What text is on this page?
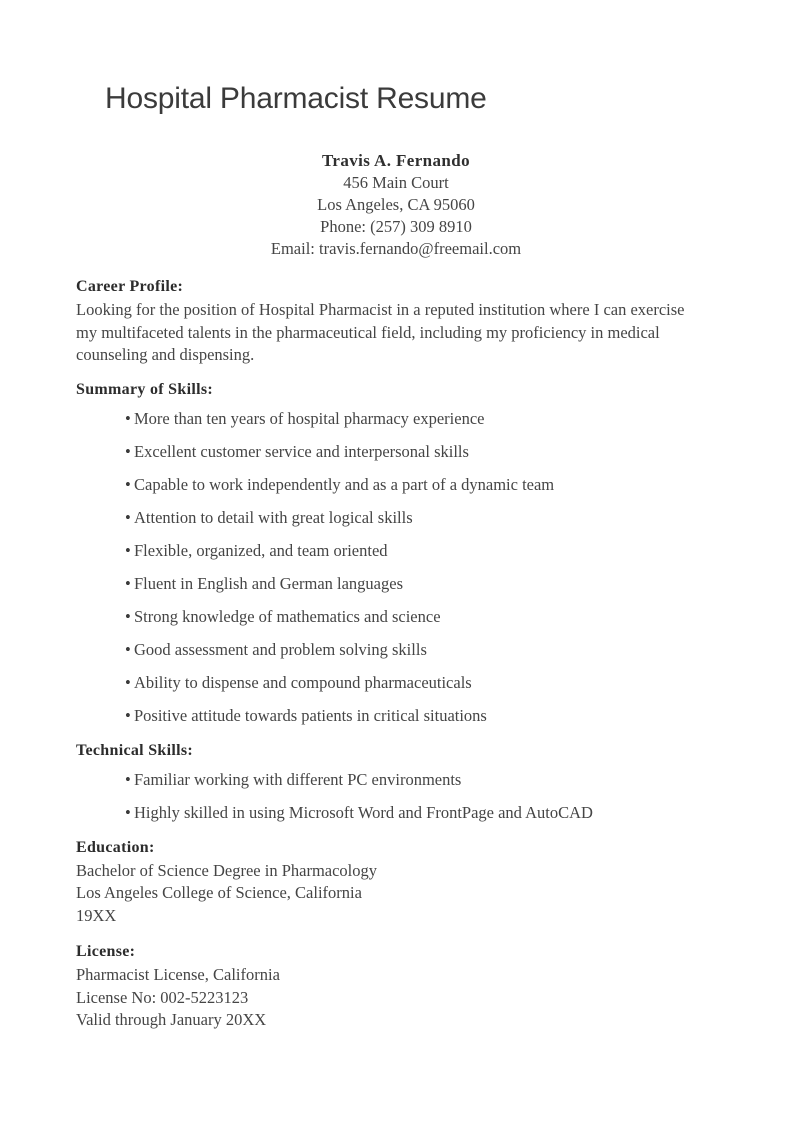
Hospital Pharmacist Resume
Travis A. Fernando
456 Main Court
Los Angeles, CA 95060
Phone: (257) 309 8910
Email: travis.fernando@freemail.com
Career Profile:

Looking for the position of Hospital Pharmacist in a reputed institution where I can exercise my multifaceted talents in the pharmaceutical field, including my proficiency in medical counseling and dispensing.

Summary of Skills:
• More than ten years of hospital pharmacy experience
• Excellent customer service and interpersonal skills
• Capable to work independently and as a part of a dynamic team
• Attention to detail with great logical skills
• Flexible, organized, and team oriented
• Fluent in English and German languages
• Strong knowledge of mathematics and science
• Good assessment and problem solving skills
• Ability to dispense and compound pharmaceuticals
• Positive attitude towards patients in critical situations
Technical Skills:
• Familiar working with different PC environments
• Highly skilled in using Microsoft Word and FrontPage and AutoCAD
Education:
Bachelor of Science Degree in Pharmacology
Los Angeles College of Science, California
19XX
License:
Pharmacist License, California
License No: 002-5223123
Valid through January 20XX
